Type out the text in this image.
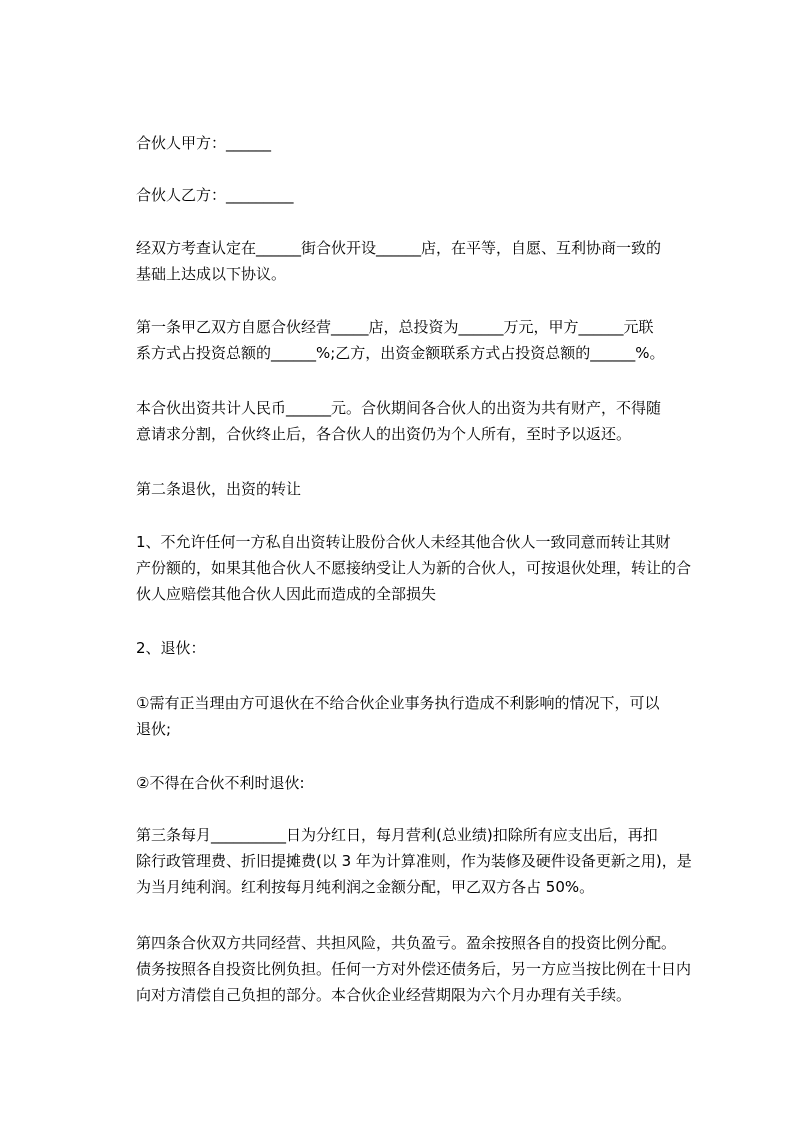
合伙人甲方：______
合伙人乙方：_________
经双方考查认定在______街合伙开设______店，在平等，自愿、互利协商一致的
基础上达成以下协议。
第一条甲乙双方自愿合伙经营_____店，总投资为______万元，甲方______元联
系方式占投资总额的______%;乙方，出资金额联系方式占投资总额的______%。
本合伙出资共计人民币______元。合伙期间各合伙人的出资为共有财产，不得随
意请求分割，合伙终止后，各合伙人的出资仍为个人所有，至时予以返还。
第二条退伙，出资的转让
1、不允许任何一方私自出资转让股份合伙人未经其他合伙人一致同意而转让其财
产份额的，如果其他合伙人不愿接纳受让人为新的合伙人，可按退伙处理，转让的合
伙人应赔偿其他合伙人因此而造成的全部损失
2、退伙：
①需有正当理由方可退伙在不给合伙企业事务执行造成不利影响的情况下，可以
退伙;
②不得在合伙不利时退伙:
第三条每月__________日为分红日，每月营利(总业绩)扣除所有应支出后，再扣
除行政管理费、折旧提摊费(以 3 年为计算准则，作为装修及硬件设备更新之用)，是
为当月纯利润。红利按每月纯利润之金额分配，甲乙双方各占 50%。
第四条合伙双方共同经营、共担风险，共负盈亏。盈余按照各自的投资比例分配。
债务按照各自投资比例负担。任何一方对外偿还债务后，另一方应当按比例在十日内
向对方清偿自己负担的部分。本合伙企业经营期限为六个月办理有关手续。
